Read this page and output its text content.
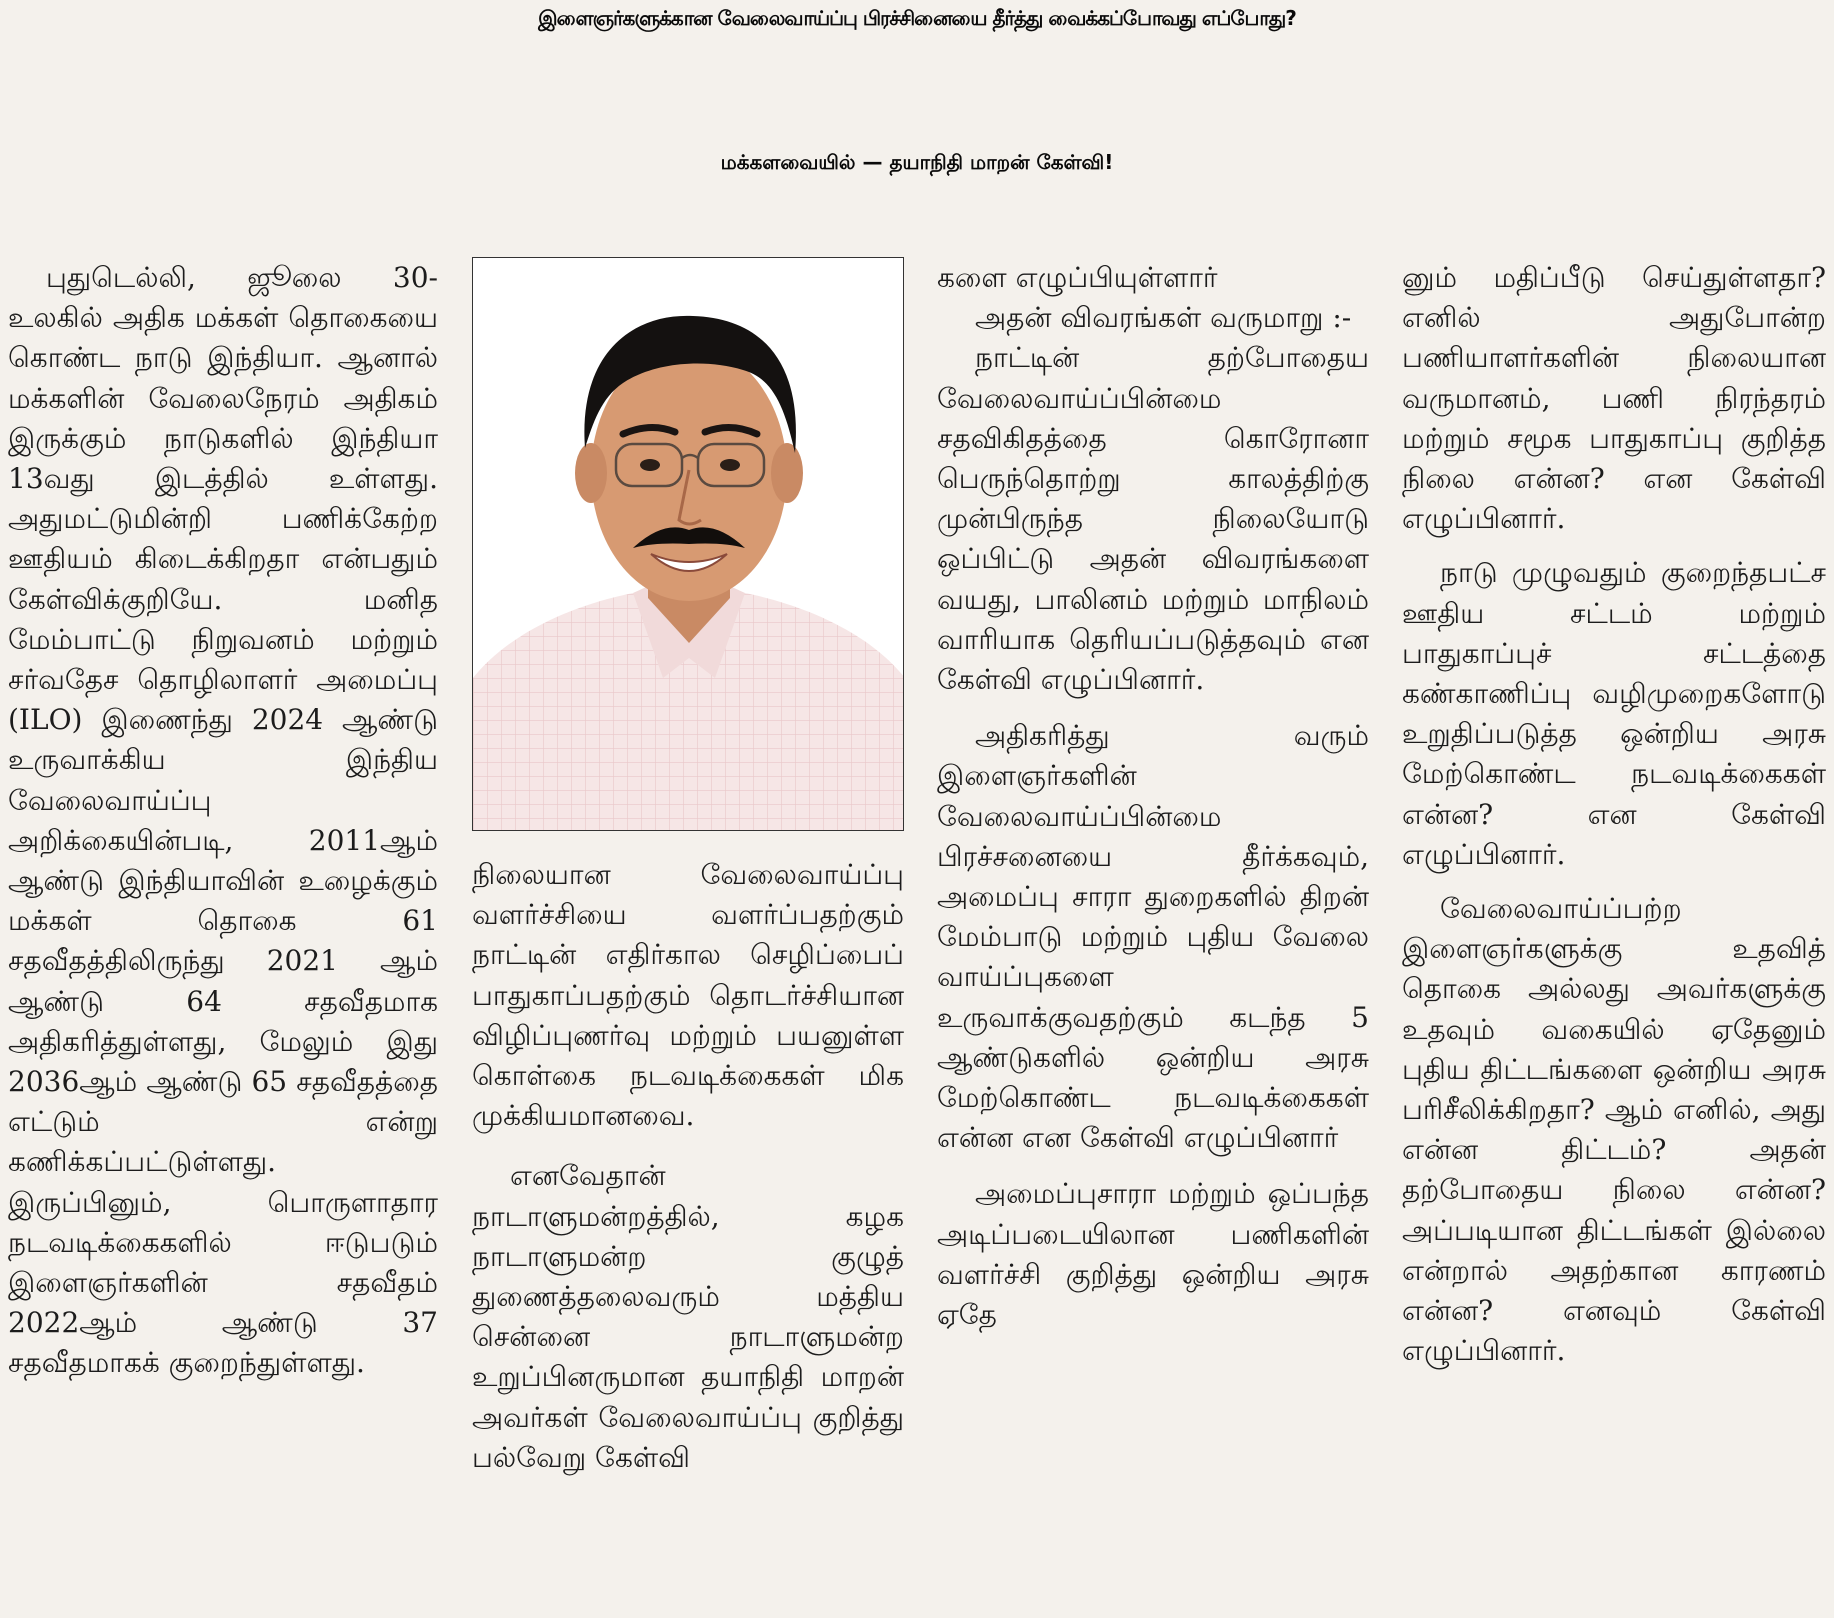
இளைஞர்களுக்கான வேலைவாய்ப்பு பிரச்சினையை தீர்த்து வைக்கப்போவது எப்போது?
மக்களவையில் — தயாநிதி மாறன் கேள்வி!

புதுடெல்லி, ஜூலை 30- உலகில் அதிக மக்கள் தொகையை கொண்ட நாடு இந்தியா. ஆனால் மக்களின் வேலைநேரம் அதிகம் இருக்கும் நாடுகளில் இந்தியா 13வது இடத்தில் உள்ளது. அதுமட்டுமின்றி பணிக்கேற்ற ஊதியம் கிடைக்கிறதா என்பதும் கேள்விக்குறியே. மனித மேம்பாட்டு நிறுவனம் மற்றும் சர்வதேச தொழிலாளர் அமைப்பு (ILO) இணைந்து 2024 ஆண்டு உருவாக்கிய இந்திய வேலைவாய்ப்பு அறிக்கையின்படி, 2011ஆம் ஆண்டு இந்தியாவின் உழைக்கும் மக்கள் தொகை 61 சதவீதத்திலிருந்து 2021 ஆம் ஆண்டு 64 சதவீதமாக அதிகரித்துள்ளது, மேலும் இது 2036ஆம் ஆண்டு 65 சதவீதத்தை எட்டும் என்று கணிக்கப்பட்டுள்ளது. இருப்பினும், பொருளாதார நடவடிக்கைகளில் ஈடுபடும் இளைஞர்களின் சதவீதம் 2022ஆம் ஆண்டு 37 சதவீதமாகக் குறைந்துள்ளது.

நிலையான வேலைவாய்ப்பு வளர்ச்சியை வளர்ப்பதற்கும் நாட்டின் எதிர்கால செழிப்பைப் பாதுகாப்பதற்கும் தொடர்ச்சியான விழிப்புணர்வு மற்றும் பயனுள்ள கொள்கை நடவடிக்கைகள் மிக முக்கியமானவை.

எனவேதான் நாடாளுமன்றத்தில், கழக நாடாளுமன்ற குழுத் துணைத்தலைவரும் மத்திய சென்னை நாடாளுமன்ற உறுப்பினருமான தயாநிதி மாறன் அவர்கள் வேலைவாய்ப்பு குறித்து பல்வேறு கேள்வி

களை எழுப்பியுள்ளார்

அதன் விவரங்கள் வருமாறு :-

நாட்டின் தற்போதைய வேலைவாய்ப்பின்மை சதவிகிதத்தை கொரோனா பெருந்தொற்று காலத்திற்கு முன்பிருந்த நிலையோடு ஒப்பிட்டு அதன் விவரங்களை வயது, பாலினம் மற்றும் மாநிலம் வாரியாக தெரியப்படுத்தவும் என கேள்வி எழுப்பினார்.

அதிகரித்து வரும் இளைஞர்களின் வேலைவாய்ப்பின்மை பிரச்சனையை தீர்க்கவும், அமைப்பு சாரா துறைகளில் திறன் மேம்பாடு மற்றும் புதிய வேலை வாய்ப்புகளை உருவாக்குவதற்கும் கடந்த 5 ஆண்டுகளில் ஒன்றிய அரசு மேற்கொண்ட நடவடிக்கைகள் என்ன என கேள்வி எழுப்பினார்

அமைப்புசாரா மற்றும் ஒப்பந்த அடிப்படையிலான பணிகளின் வளர்ச்சி குறித்து ஒன்றிய அரசு ஏதே

னும் மதிப்பீடு செய்துள்ளதா? எனில் அதுபோன்ற பணியாளர்களின் நிலையான வருமானம், பணி நிரந்தரம் மற்றும் சமூக பாதுகாப்பு குறித்த நிலை என்ன? என கேள்வி எழுப்பினார்.

நாடு முழுவதும் குறைந்தபட்ச ஊதிய சட்டம் மற்றும் பாதுகாப்புச் சட்டத்தை கண்காணிப்பு வழிமுறைகளோடு உறுதிப்படுத்த ஒன்றிய அரசு மேற்கொண்ட நடவடிக்கைகள் என்ன? என கேள்வி எழுப்பினார்.

வேலைவாய்ப்பற்ற இளைஞர்களுக்கு உதவித் தொகை அல்லது அவர்களுக்கு உதவும் வகையில் ஏதேனும் புதிய திட்டங்களை ஒன்றிய அரசு பரிசீலிக்கிறதா? ஆம் எனில், அது என்ன திட்டம்? அதன் தற்போதைய நிலை என்ன? அப்படியான திட்டங்கள் இல்லை என்றால் அதற்கான காரணம் என்ன? எனவும் கேள்வி எழுப்பினார்.
